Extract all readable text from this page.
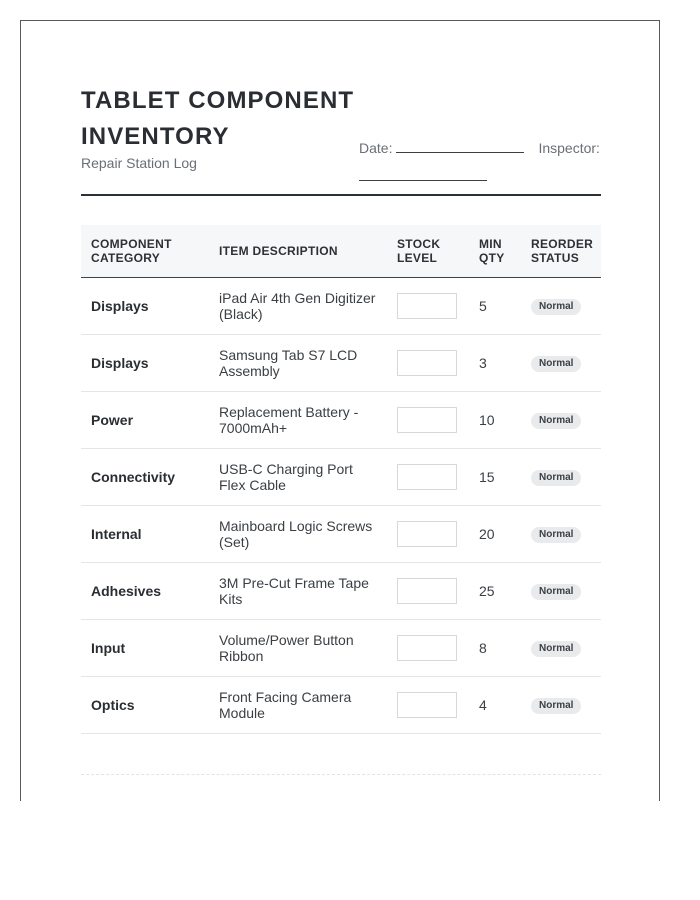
TABLET COMPONENT INVENTORY
Repair Station Log
Date:	Inspector:

COMPONENT CATEGORY	ITEM DESCRIPTION	STOCK LEVEL	MIN QTY	REORDER STATUS
Displays	iPad Air 4th Gen Digitizer (Black)		5	Normal
Displays	Samsung Tab S7 LCD Assembly		3	Normal
Power	Replacement Battery - 7000mAh+		10	Normal
Connectivity	USB-C Charging Port Flex Cable		15	Normal
Internal	Mainboard Logic Screws (Set)		20	Normal
Adhesives	3M Pre-Cut Frame Tape Kits		25	Normal
Input	Volume/Power Button Ribbon		8	Normal
Optics	Front Facing Camera Module		4	Normal
